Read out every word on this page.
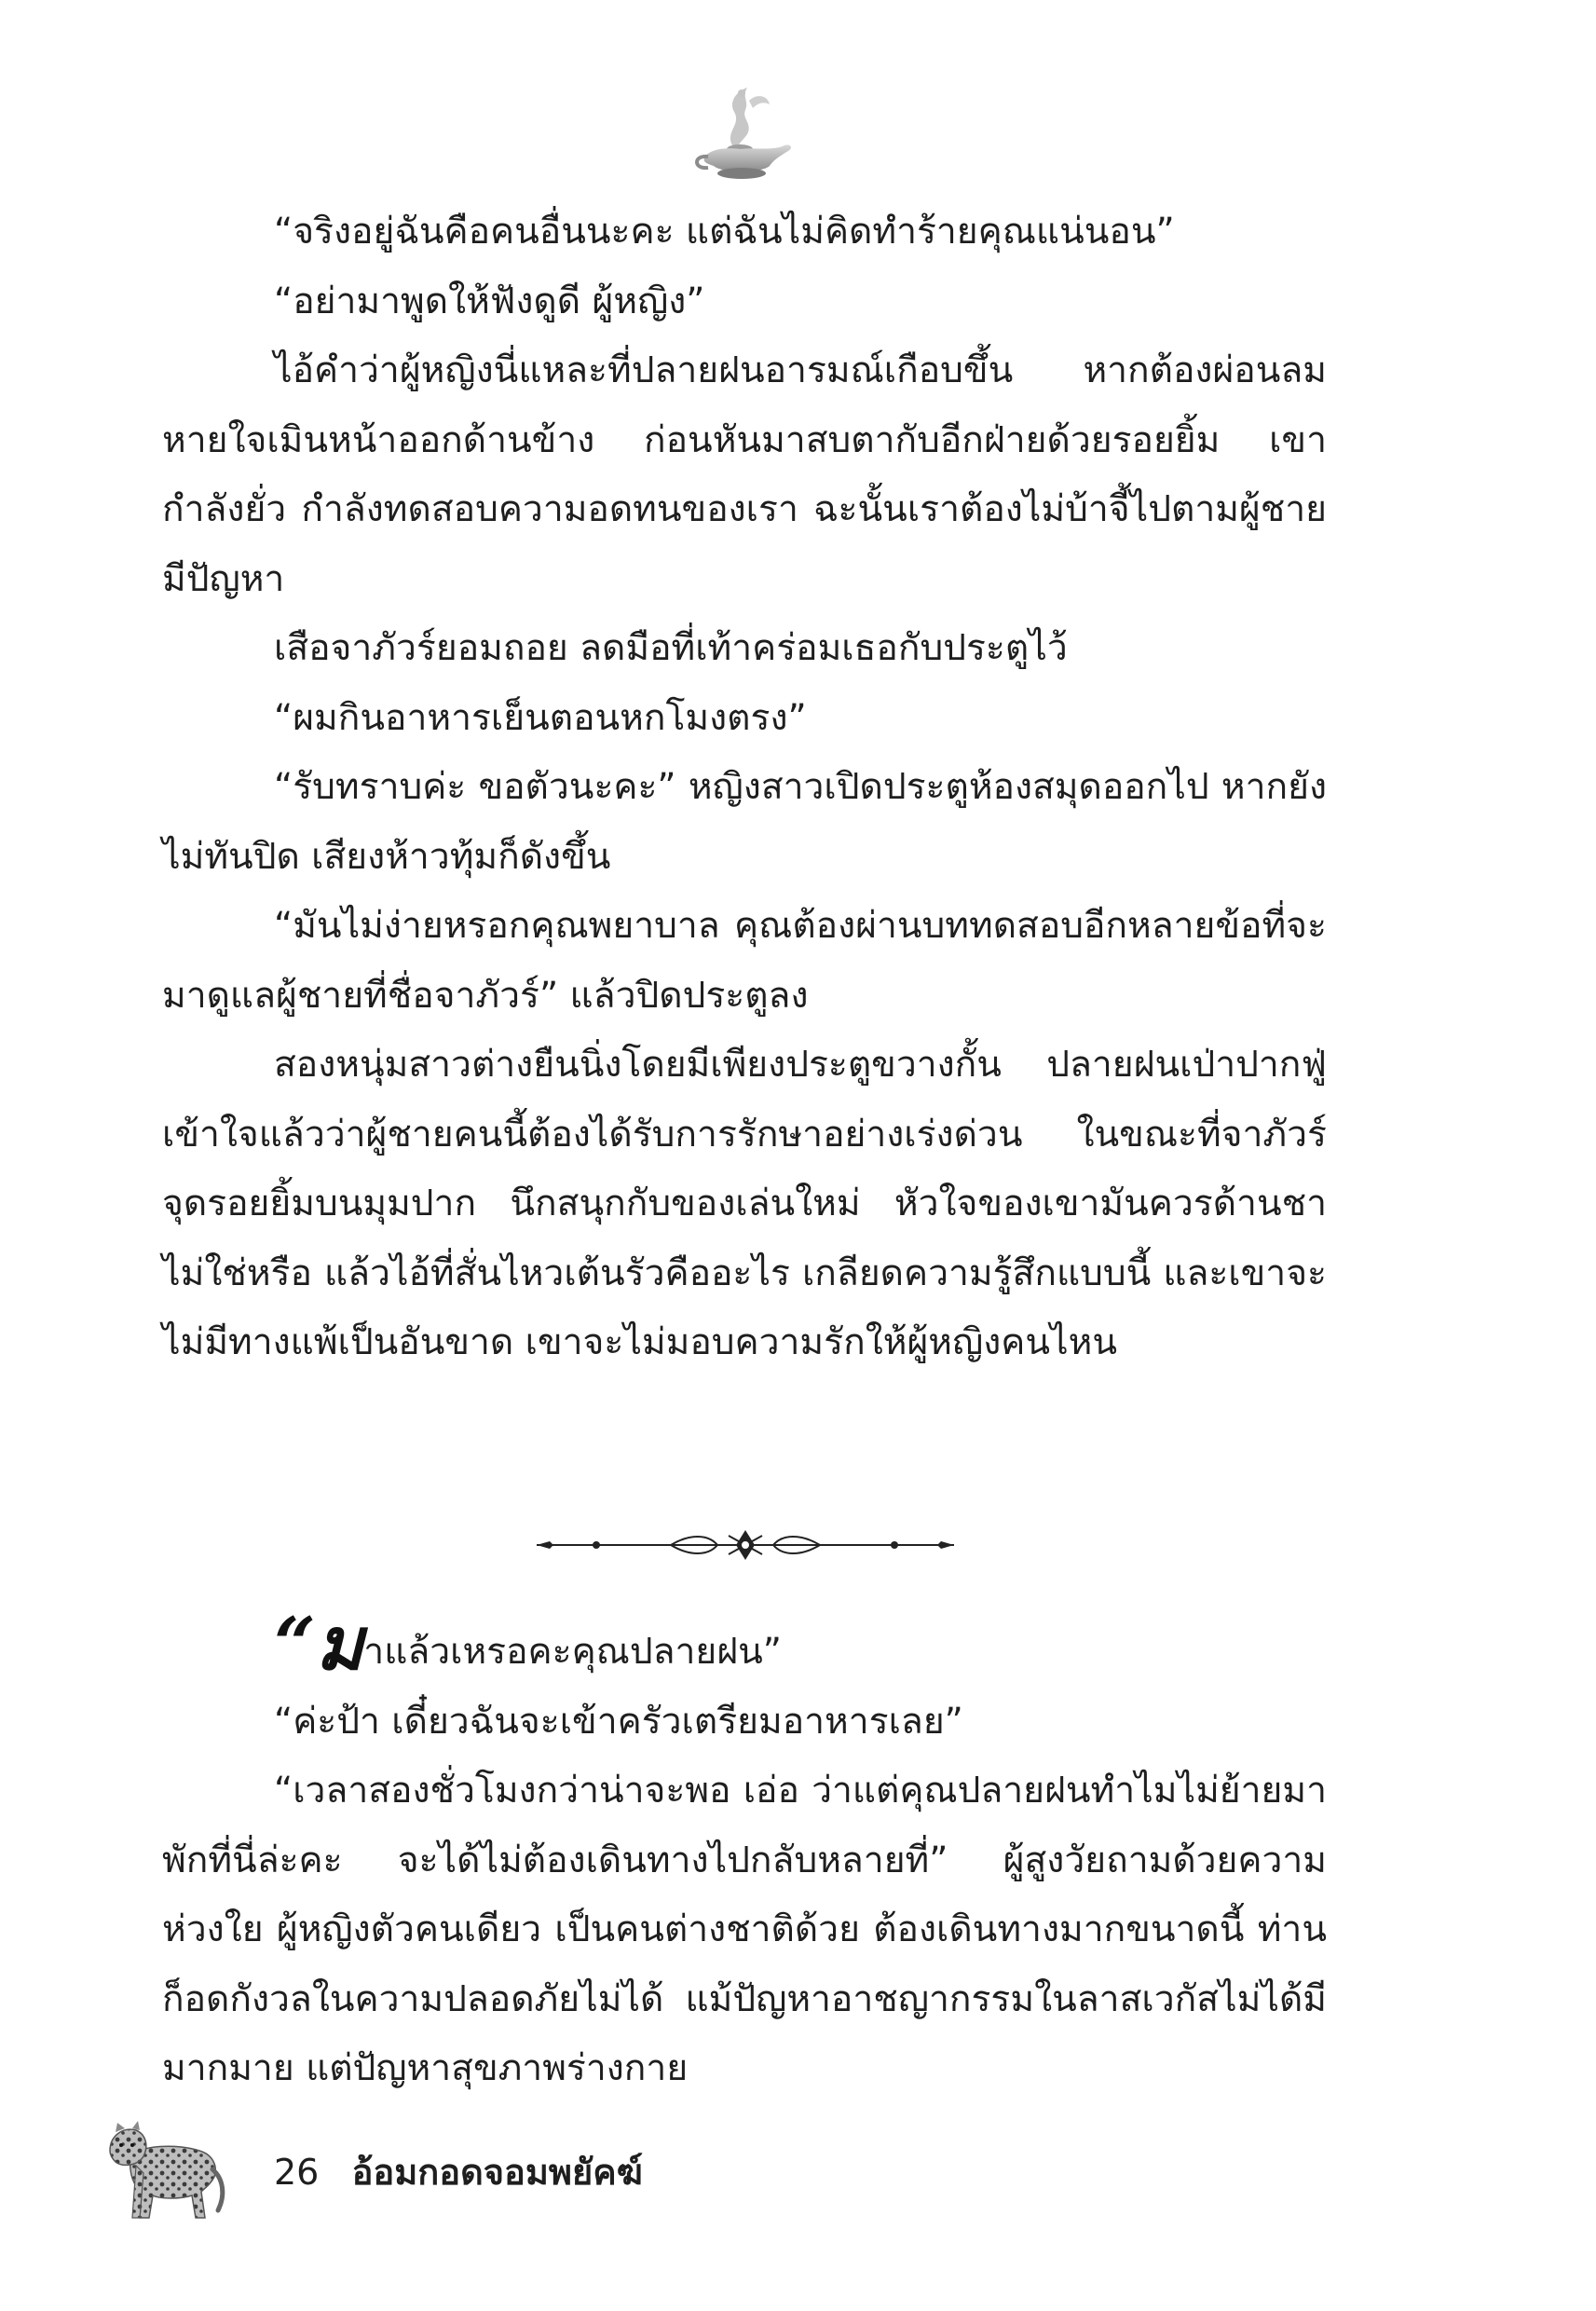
“จริงอยู่ฉันคือคนอื่นนะคะ แต่ฉันไม่คิดทำร้ายคุณแน่นอน”

“อย่ามาพูดให้ฟังดูดี ผู้หญิง”

ไอ้คำว่าผู้หญิงนี่แหละที่ปลายฝนอารมณ์เกือบขึ้น หากต้องผ่อนลมหายใจเมินหน้าออกด้านข้าง ก่อนหันมาสบตากับอีกฝ่ายด้วยรอยยิ้ม เขากำลังยั่ว กำลังทดสอบความอดทนของเรา ฉะนั้นเราต้องไม่บ้าจี้ไปตามผู้ชายมีปัญหา

เสือจาภัวร์ยอมถอย ลดมือที่เท้าคร่อมเธอกับประตูไว้

“ผมกินอาหารเย็นตอนหกโมงตรง”

“รับทราบค่ะ ขอตัวนะคะ” หญิงสาวเปิดประตูห้องสมุดออกไป หากยังไม่ทันปิด เสียงห้าวทุ้มก็ดังขึ้น

“มันไม่ง่ายหรอกคุณพยาบาล คุณต้องผ่านบททดสอบอีกหลายข้อที่จะมาดูแลผู้ชายที่ชื่อจาภัวร์” แล้วปิดประตูลง

สองหนุ่มสาวต่างยืนนิ่งโดยมีเพียงประตูขวางกั้น ปลายฝนเป่าปากฟู่ เข้าใจแล้วว่าผู้ชายคนนี้ต้องได้รับการรักษาอย่างเร่งด่วน ในขณะที่จาภัวร์จุดรอยยิ้มบนมุมปาก นึกสนุกกับของเล่นใหม่ หัวใจของเขามันควรด้านชาไม่ใช่หรือ แล้วไอ้ที่สั่นไหวเต้นรัวคืออะไร เกลียดความรู้สึกแบบนี้ และเขาจะไม่มีทางแพ้เป็นอันขาด เขาจะไม่มอบความรักให้ผู้หญิงคนไหน

“มาแล้วเหรอคะคุณปลายฝน”

“ค่ะป้า เดี๋ยวฉันจะเข้าครัวเตรียมอาหารเลย”

“เวลาสองชั่วโมงกว่าน่าจะพอ เอ่อ ว่าแต่คุณปลายฝนทำไมไม่ย้ายมาพักที่นี่ล่ะคะ จะได้ไม่ต้องเดินทางไปกลับหลายที่” ผู้สูงวัยถามด้วยความห่วงใย ผู้หญิงตัวคนเดียว เป็นคนต่างชาติด้วย ต้องเดินทางมากขนาดนี้ ท่านก็อดกังวลในความปลอดภัยไม่ได้ แม้ปัญหาอาชญากรรมในลาสเวกัสไม่ได้มีมากมาย แต่ปัญหาสุขภาพร่างกาย

26 อ้อมกอดจอมพยัคฆ์
